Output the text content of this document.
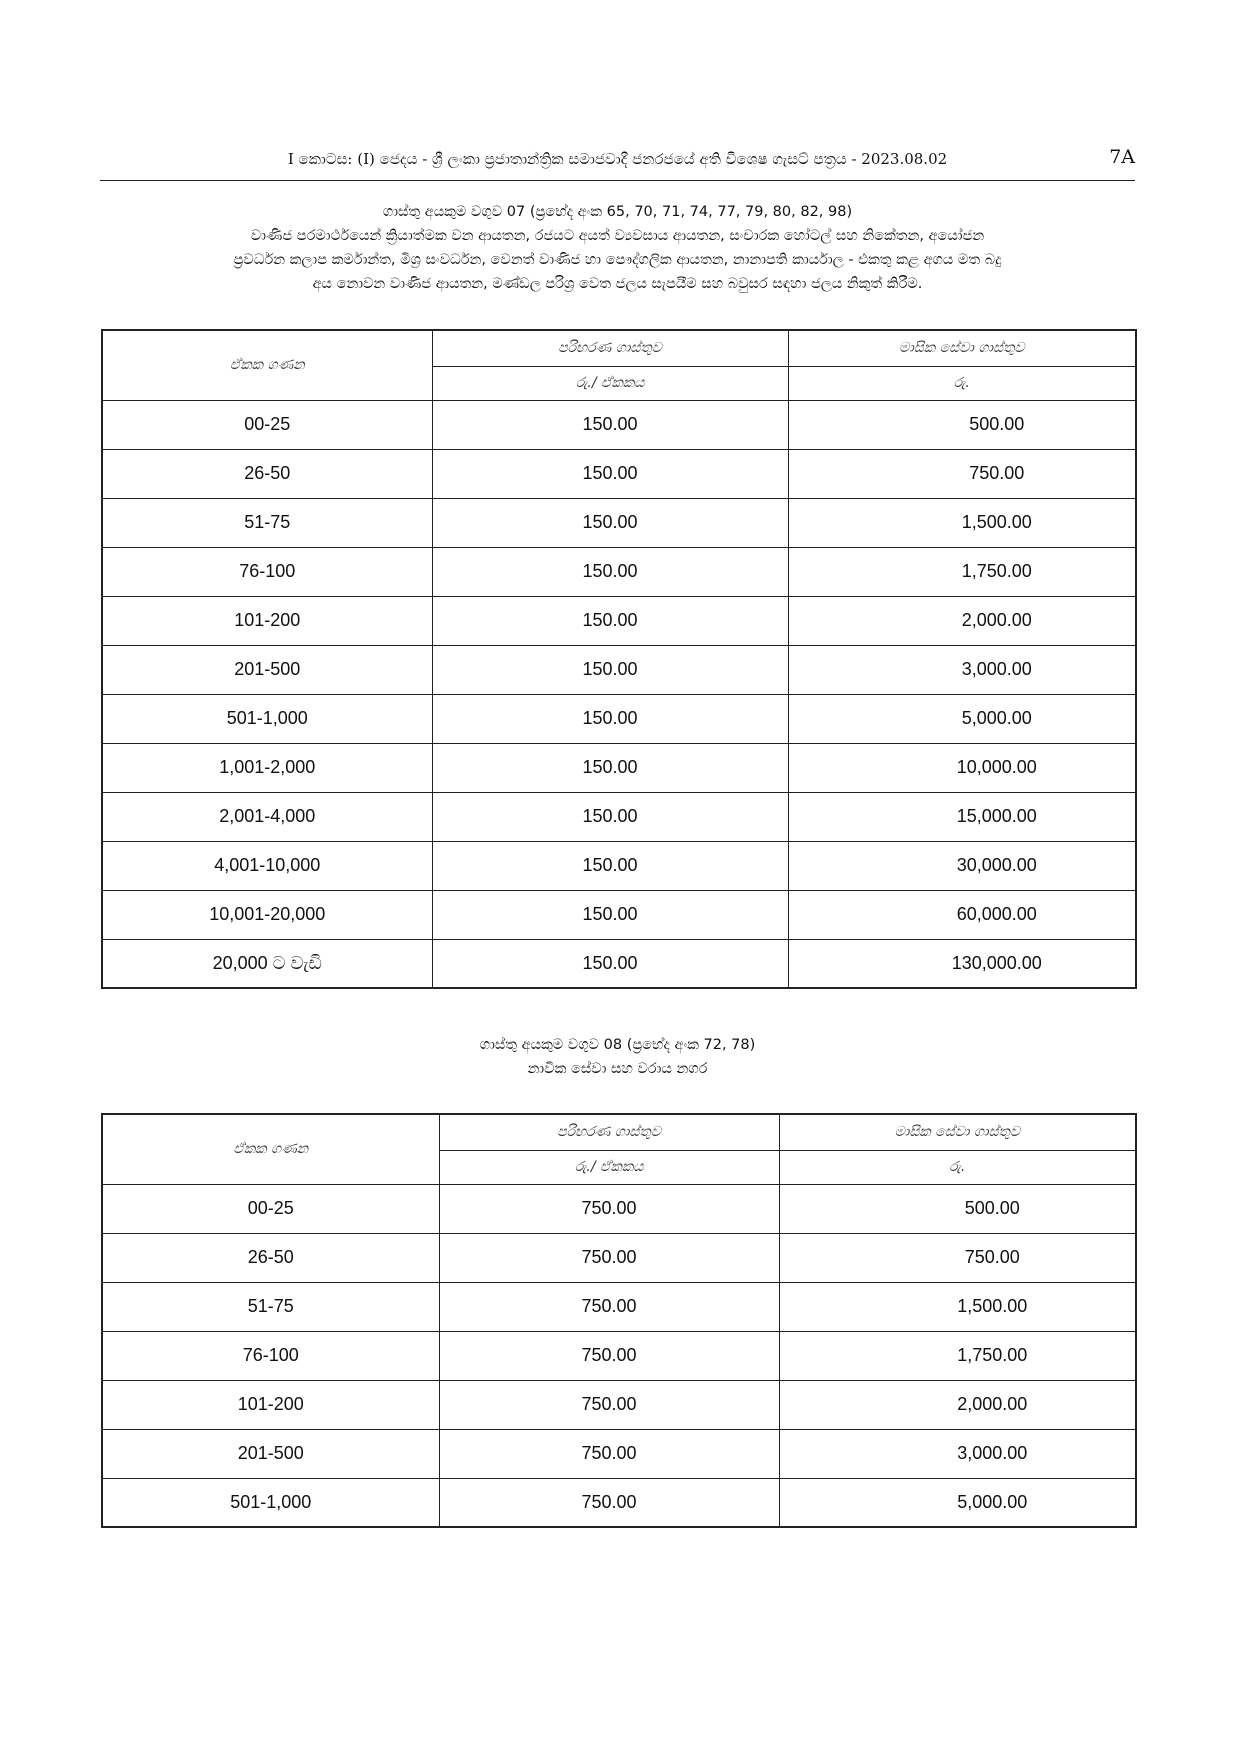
I කොටස: (I) ජෙදය - ශ්‍රී ලංකා ප්‍රජාතාන්ත්‍රික සමාජවාදී ජනරජයේ අති විශෙෂ ගැසට් පත්‍රය - 2023.08.02	7A
ගාස්තු අයකුම වගුව 07 (ප්‍රභේද අංක 65, 70, 71, 74, 77, 79, 80, 82, 98)
වාණිජ පරමාර්ථයෙන් ක්‍රියාත්මක වන ආයතන, රජයට අයත් ව්‍යවසාය ආයතන, සංචාරක හෝටල් සහ නිකේතන, අයෝජන
ප්‍රවර්ධන කලාප කර්මාන්ත, මිශ්‍ර සංවර්ධන, වෙනත් වාණිජ හා පෞද්ගලික ආයතන, නානාපති කාර්යාල - එකතු කළ අගය මත බදු
අය නොවන වාණිජ ආයතන, මණ්ඩල පරිශ්‍ර වෙත ජලය සැපයීම සහ බවුසර සඳහා ජලය නිකුත් කිරීම.
ඒකක ගණන	පරිභරණ ගාස්තුව	මාසික සේවා ගාස්තුව
	රු./ ඒකකය	රු.
00-25	150.00	500.00
26-50	150.00	750.00
51-75	150.00	1,500.00
76-100	150.00	1,750.00
101-200	150.00	2,000.00
201-500	150.00	3,000.00
501-1,000	150.00	5,000.00
1,001-2,000	150.00	10,000.00
2,001-4,000	150.00	15,000.00
4,001-10,000	150.00	30,000.00
10,001-20,000	150.00	60,000.00
20,000 ට වැඩි	150.00	130,000.00
ගාස්තු අයකුම වගුව 08 (ප්‍රභේද අංක 72, 78)
නාවික සේවා සහ වරාය නගර
ඒකක ගණන	පරිභරණ ගාස්තුව	මාසික සේවා ගාස්තුව
	රු./ ඒකකය	රු.
00-25	750.00	500.00
26-50	750.00	750.00
51-75	750.00	1,500.00
76-100	750.00	1,750.00
101-200	750.00	2,000.00
201-500	750.00	3,000.00
501-1,000	750.00	5,000.00
